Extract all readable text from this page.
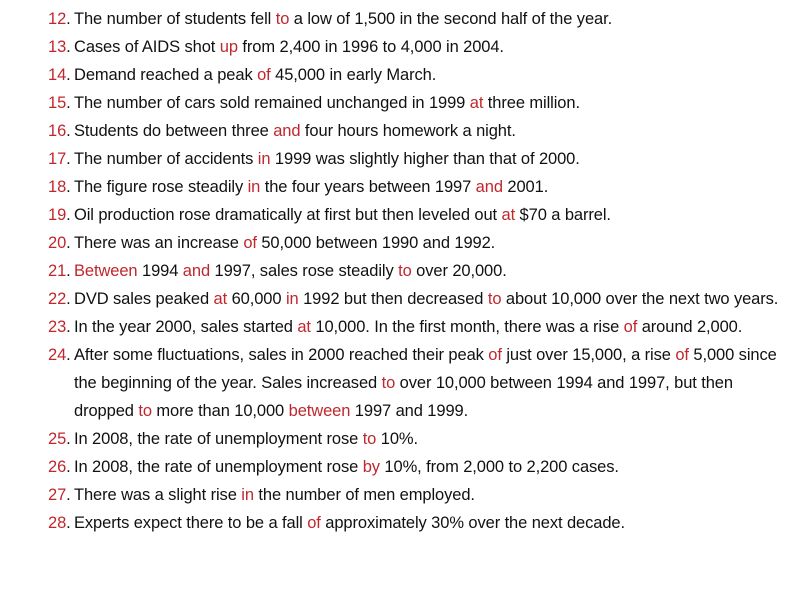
12. The number of students fell to a low of 1,500 in the second half of the year.
13. Cases of AIDS shot up from 2,400 in 1996 to 4,000 in 2004.
14. Demand reached a peak of 45,000 in early March.
15. The number of cars sold remained unchanged in 1999 at three million.
16. Students do between three and four hours homework a night.
17. The number of accidents in 1999 was slightly higher than that of 2000.
18. The figure rose steadily in the four years between 1997 and 2001.
19. Oil production rose dramatically at first but then leveled out at $70 a barrel.
20. There was an increase of 50,000 between 1990 and 1992.
21. Between 1994 and 1997, sales rose steadily to over 20,000.
22. DVD sales peaked at 60,000 in 1992 but then decreased to about 10,000 over the next two years.
23. In the year 2000, sales started at 10,000. In the first month, there was a rise of around 2,000.
24. After some fluctuations, sales in 2000 reached their peak of just over 15,000, a rise of 5,000 since the beginning of the year. Sales increased to over 10,000 between 1994 and 1997, but then dropped to more than 10,000 between 1997 and 1999.
25. In 2008, the rate of unemployment rose to 10%.
26. In 2008, the rate of unemployment rose by 10%, from 2,000 to 2,200 cases.
27. There was a slight rise in the number of men employed.
28. Experts expect there to be a fall of approximately 30% over the next decade.
